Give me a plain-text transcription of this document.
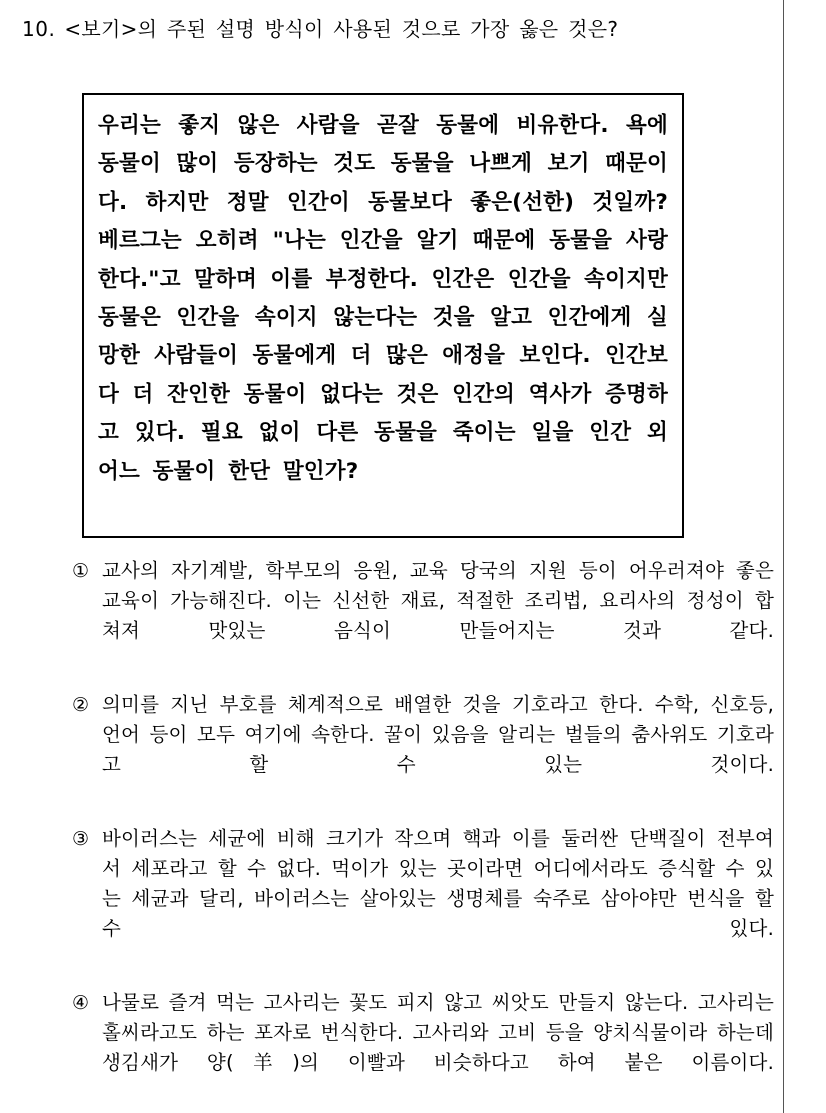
10. <보기>의 주된 설명 방식이 사용된 것으로 가장 옳은 것은?
우리는 좋지 않은 사람을 곧잘 동물에 비유한다. 욕에 동물이 많이 등장하는 것도 동물을 나쁘게 보기 때문이다. 하지만 정말 인간이 동물보다 좋은(선한) 것일까? 베르그는 오히려 "나는 인간을 알기 때문에 동물을 사랑한다."고 말하며 이를 부정한다. 인간은 인간을 속이지만 동물은 인간을 속이지 않는다는 것을 알고 인간에게 실망한 사람들이 동물에게 더 많은 애정을 보인다. 인간보다 더 잔인한 동물이 없다는 것은 인간의 역사가 증명하고 있다. 필요 없이 다른 동물을 죽이는 일을 인간 외 어느 동물이 한단 말인가?
① 교사의 자기계발, 학부모의 응원, 교육 당국의 지원 등이 어우러져야 좋은 교육이 가능해진다. 이는 신선한 재료, 적절한 조리법, 요리사의 정성이 합쳐져 맛있는 음식이 만들어지는 것과 같다.
② 의미를 지닌 부호를 체계적으로 배열한 것을 기호라고 한다. 수학, 신호등, 언어 등이 모두 여기에 속한다. 꿀이 있음을 알리는 벌들의 춤사위도 기호라고 할 수 있는 것이다.
③ 바이러스는 세균에 비해 크기가 작으며 핵과 이를 둘러싼 단백질이 전부여서 세포라고 할 수 없다. 먹이가 있는 곳이라면 어디에서라도 증식할 수 있는 세균과 달리, 바이러스는 살아있는 생명체를 숙주로 삼아야만 번식을 할 수 있다.
④ 나물로 즐겨 먹는 고사리는 꽃도 피지 않고 씨앗도 만들지 않는다. 고사리는 홀씨라고도 하는 포자로 번식한다. 고사리와 고비 등을 양치식물이라 하는데 생김새가 양(羊)의 이빨과 비슷하다고 하여 붙은 이름이다.
